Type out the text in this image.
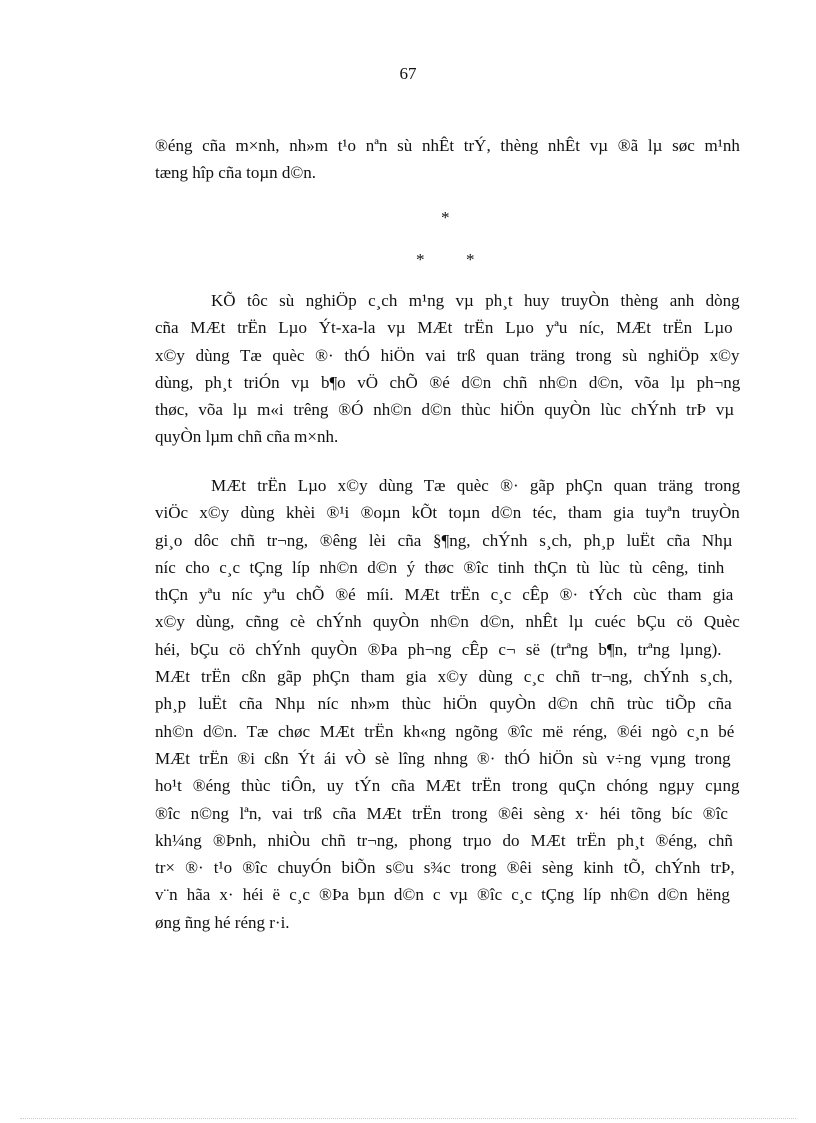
67
®éng cña m×nh, nh»m t¹o nªn sù nhÊt trÝ, thèng nhÊt vµ ®ã lµ søc m¹nh
tæng hîp cña toµn d©n.
*
* *
KÕ tôc sù nghiÖp c¸ch m¹ng vµ ph¸t huy truyÒn thèng anh dòng
cña MÆt trËn Lµo Ýt-xa-la vµ MÆt trËn Lµo yªu níc, MÆt trËn Lµo
x©y dùng Tæ quèc ®· thÓ hiÖn vai trß quan träng trong sù nghiÖp x©y
dùng, ph¸t triÓn vµ b¶o vÖ chÕ ®é d©n chñ nh©n d©n, võa lµ ph¬ng
thøc, võa lµ m«i trêng ®Ó nh©n d©n thùc hiÖn quyÒn lùc chÝnh trÞ vµ
quyÒn lµm chñ cña m×nh.
MÆt trËn Lµo x©y dùng Tæ quèc ®· gãp phÇn quan träng trong
viÖc x©y dùng khèi ®¹i ®oµn kÕt toµn d©n téc, tham gia tuyªn truyÒn
gi¸o dôc chñ tr¬ng, ®êng lèi cña §¶ng, chÝnh s¸ch, ph¸p luËt cña Nhµ
níc cho c¸c tÇng líp nh©n d©n ý thøc ®îc tinh thÇn tù lùc tù cêng, tinh
thÇn yªu níc yªu chÕ ®é míi. MÆt trËn c¸c cÊp ®· tÝch cùc tham gia
x©y dùng, cñng cè chÝnh quyÒn nh©n d©n, nhÊt lµ cuéc bÇu cö Quèc
héi, bÇu cö chÝnh quyÒn ®Þa ph¬ng cÊp c¬ së (trªng b¶n, trªng lµng).
MÆt trËn cßn gãp phÇn tham gia x©y dùng c¸c chñ tr¬ng, chÝnh s¸ch,
ph¸p luËt cña Nhµ níc nh»m thùc hiÖn quyÒn d©n chñ trùc tiÕp cña
nh©n d©n. Tæ chøc MÆt trËn kh«ng ngõng ®îc më réng, ®éi ngò c¸n bé
MÆt trËn ®i cßn Ýt ái vÒ sè lîng nhng ®· thÓ hiÖn sù v÷ng vµng trong
ho¹t ®éng thùc tiÔn, uy tÝn cña MÆt trËn trong quÇn chóng ngµy cµng
®îc n©ng lªn, vai trß cña MÆt trËn trong ®êi sèng x· héi tõng bíc ®îc
kh¼ng ®Þnh, nhiÒu chñ tr¬ng, phong trµo do MÆt trËn ph¸t ®éng, chñ
tr× ®· t¹o ®îc chuyÓn biÕn s©u s¾c trong ®êi sèng kinh tÕ, chÝnh trÞ,
v¨n hãa x· héi ë c¸c ®Þa bµn d©n c vµ ®îc c¸c tÇng líp nh©n d©n hëng
øng ñng hé réng r·i.
